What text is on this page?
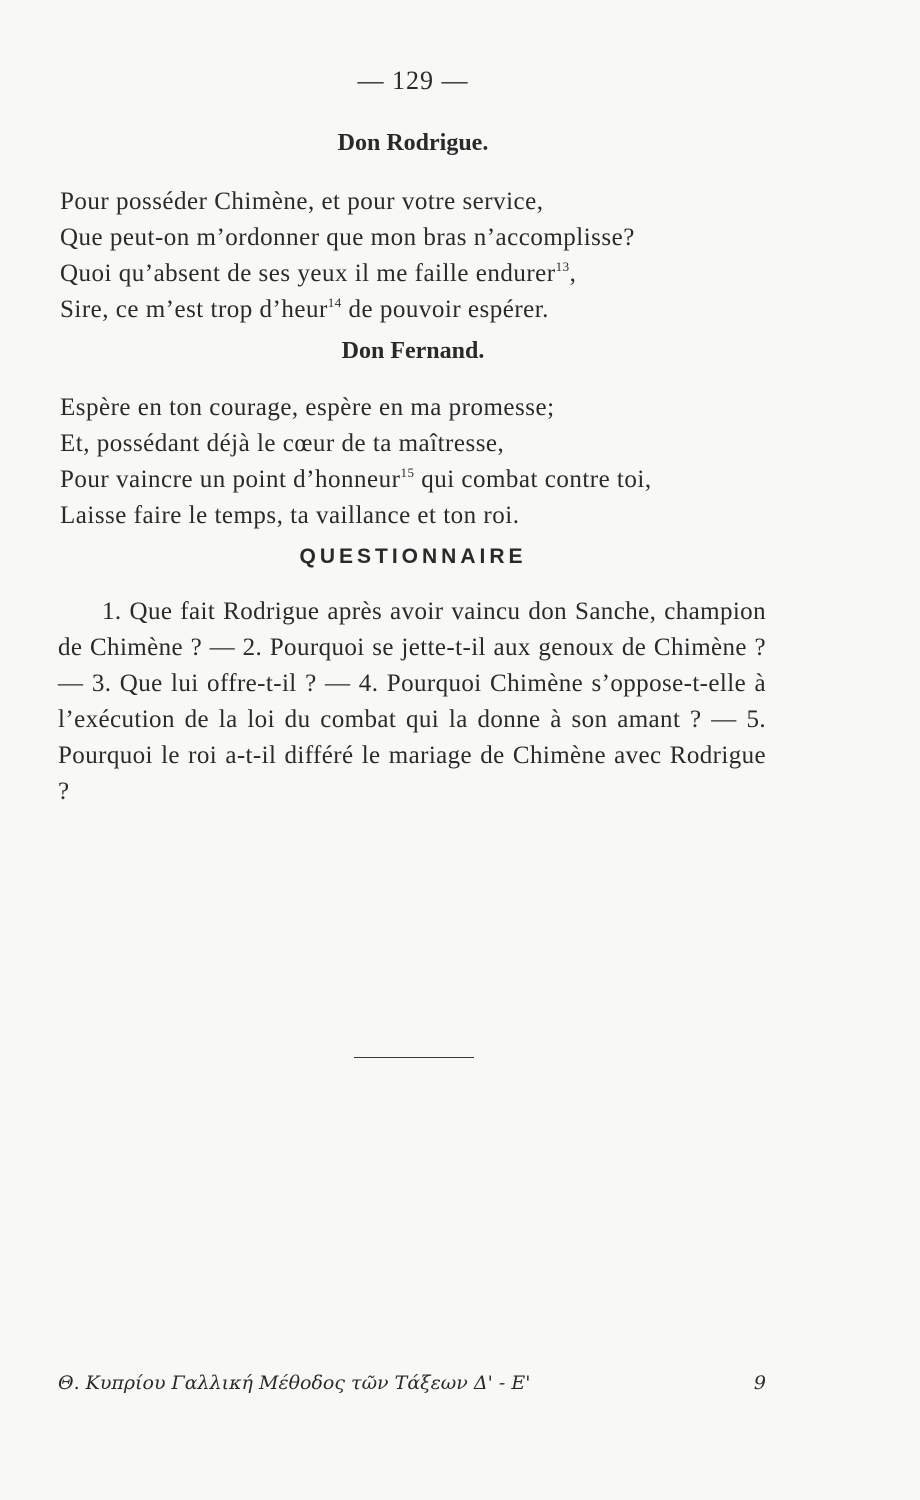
— 129 —
Don Rodrigue.
Pour posséder Chimène, et pour votre service,
Que peut-on m’ordonner que mon bras n’accomplisse?
Quoi qu’absent de ses yeux il me faille endurer$^{13}$,
Sire, ce m’est trop d’heur$^{14}$ de pouvoir espérer.
Don Fernand.
Espère en ton courage, espère en ma promesse;
Et, possédant déjà le cœur de ta maîtresse,
Pour vaincre un point d’honneur$^{15}$ qui combat contre toi,
Laisse faire le temps, ta vaillance et ton roi.
QUESTIONNAIRE
1. Que fait Rodrigue après avoir vaincu don Sanche, champion de Chimène ? — 2. Pourquoi se jette-t-il aux genoux de Chimène ? — 3. Que lui offre-t-il ? — 4. Pourquoi Chimène s’oppose-t-elle à l’exécution de la loi du combat qui la donne à son amant ? — 5. Pourquoi le roi a-t-il différé le mariage de Chimène avec Rodrigue ?
Θ. Κυπρίου Γαλλική Μέθοδος τῶν Τάξεων Δ' - Ε'	9
